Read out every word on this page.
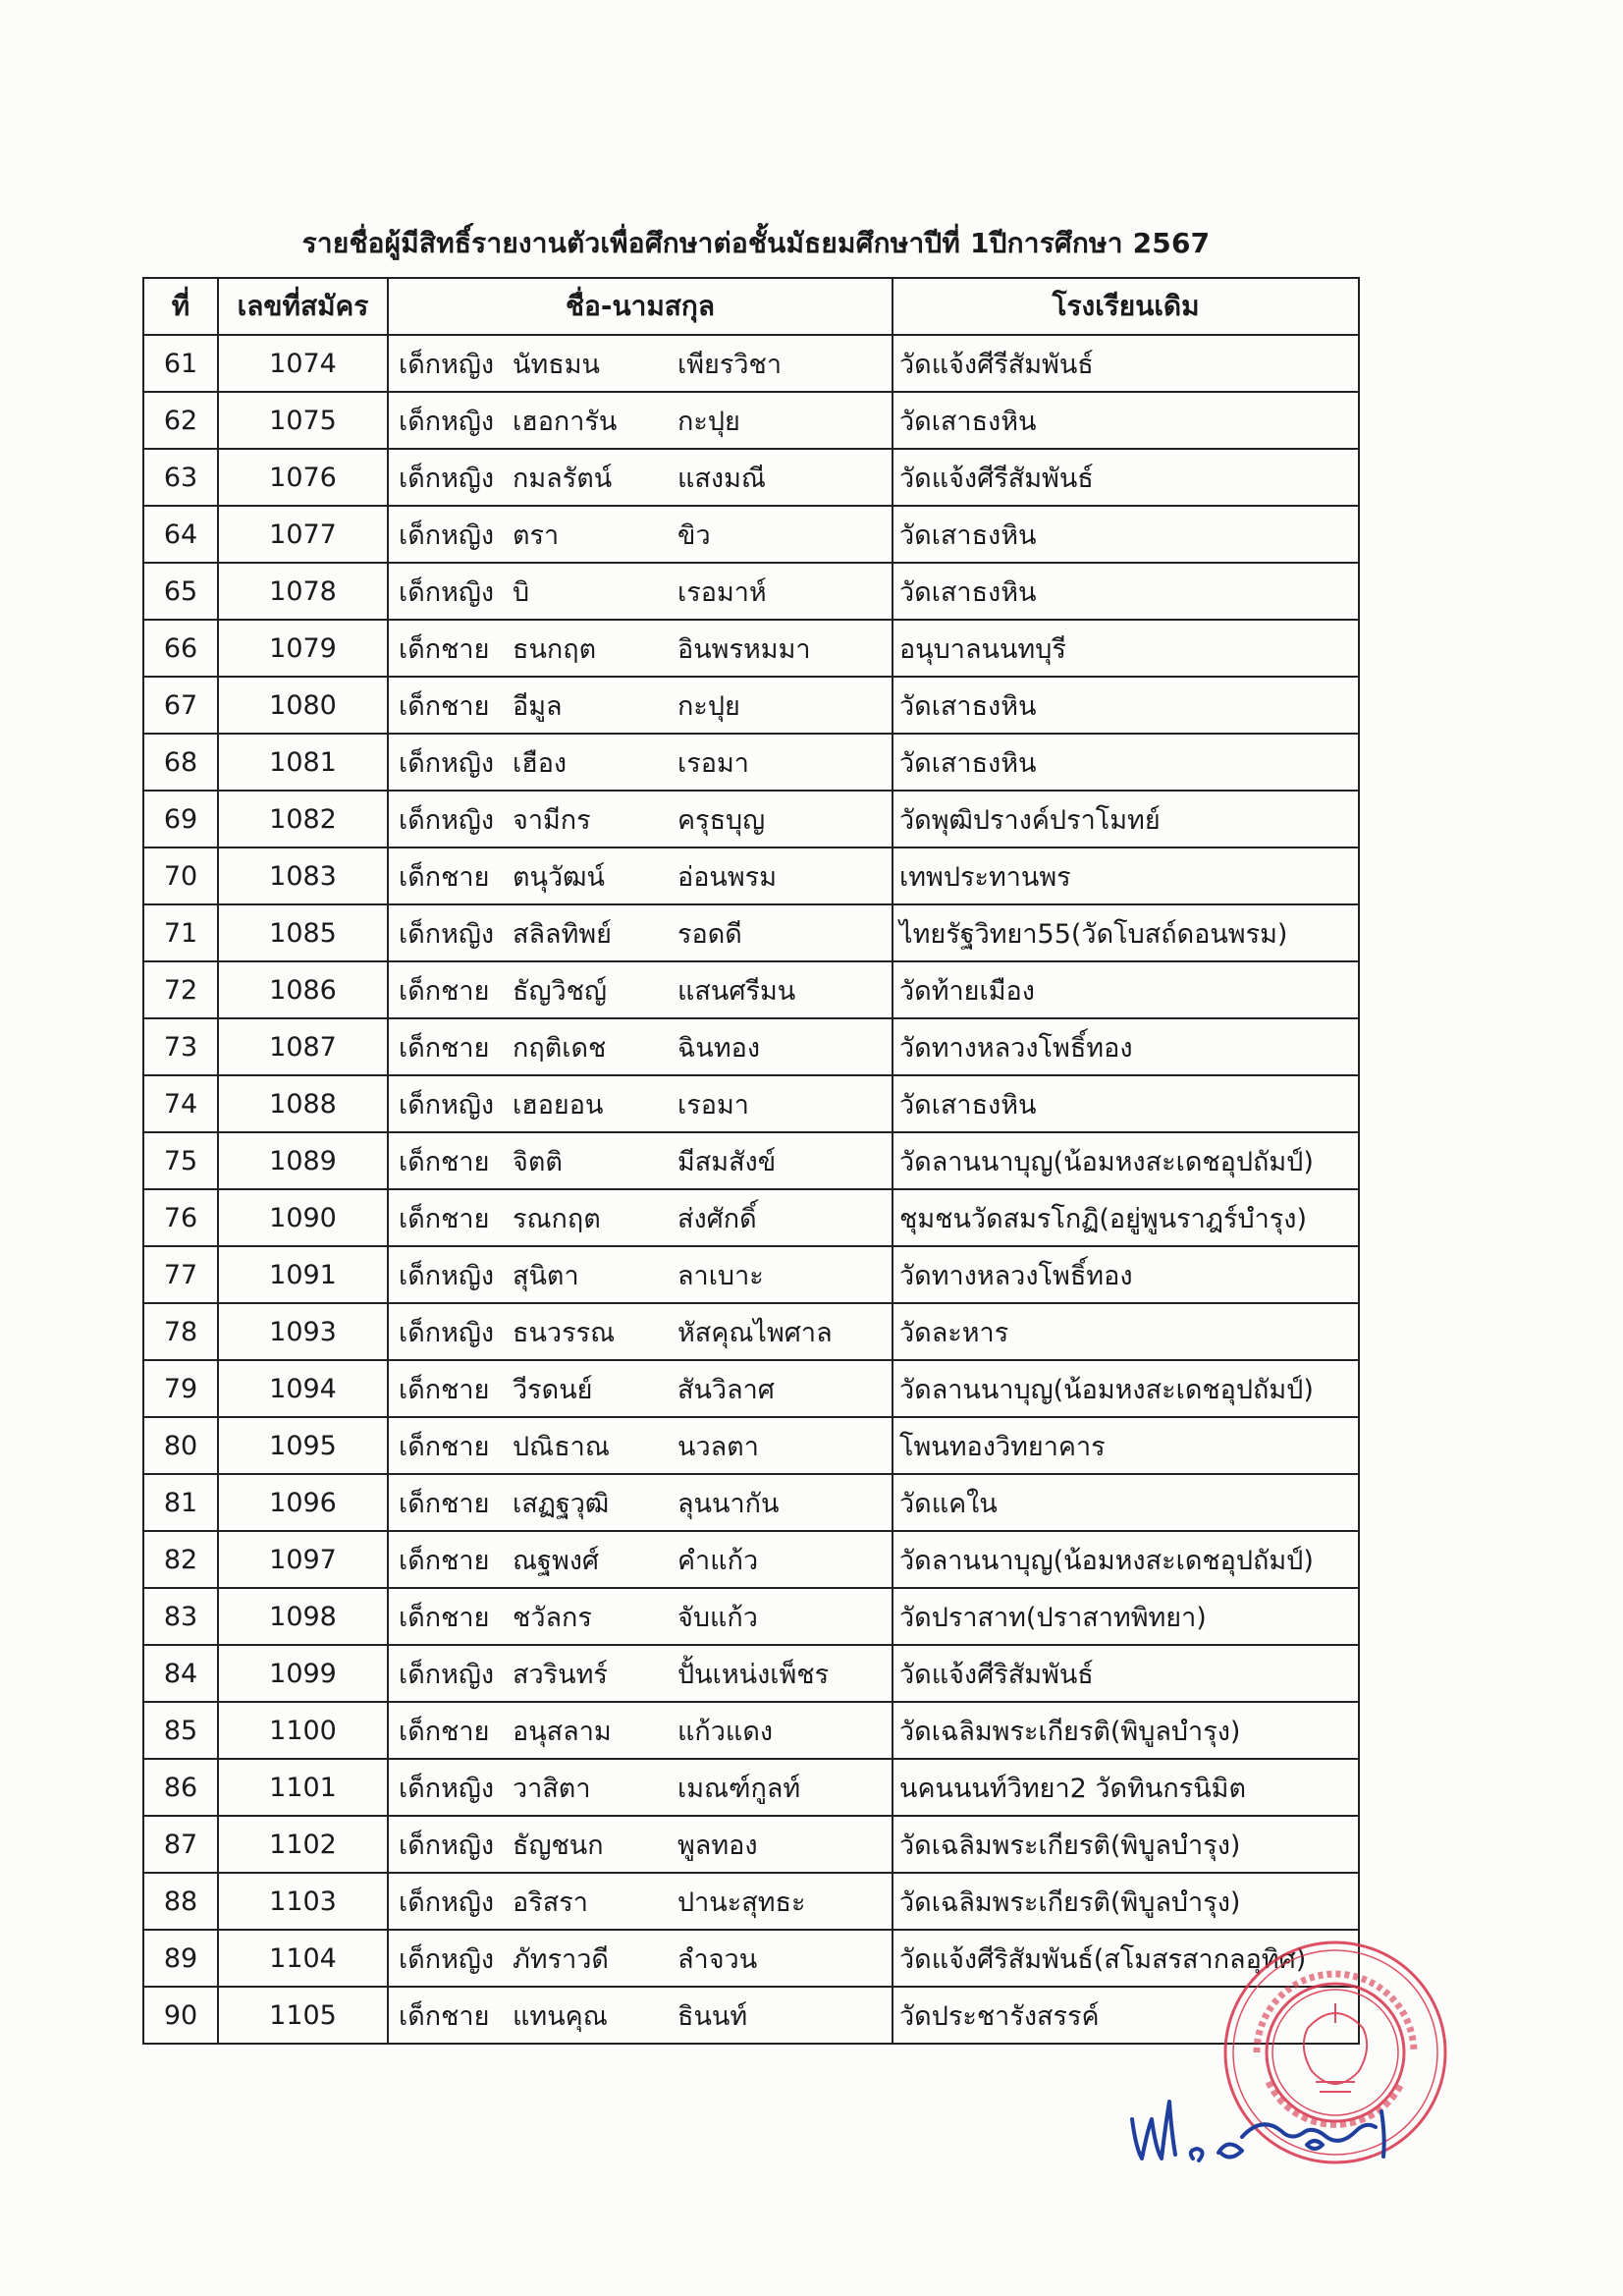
รายชื่อผู้มีสิทธิ์รายงานตัวเพื่อศึกษาต่อชั้นมัธยมศึกษาปีที่ 1ปีการศึกษา 2567
ที่	เลขที่สมัคร	ชื่อ-นามสกุล	โรงเรียนเดิม
61	1074	เด็กหญิง นัทธมน เพียรวิชา	วัดแจ้งศีรีสัมพันธ์
62	1075	เด็กหญิง เฮอการัน กะปุย	วัดเสาธงหิน
63	1076	เด็กหญิง กมลรัตน์ แสงมณี	วัดแจ้งศีรีสัมพันธ์
64	1077	เด็กหญิง ตรา ขิว	วัดเสาธงหิน
65	1078	เด็กหญิง บิ เรอมาห์	วัดเสาธงหิน
66	1079	เด็กชาย ธนกฤต อินพรหมมา	อนุบาลนนทบุรี
67	1080	เด็กชาย อีมูล กะปุย	วัดเสาธงหิน
68	1081	เด็กหญิง เฮือง เรอมา	วัดเสาธงหิน
69	1082	เด็กหญิง จามีกร ครุธบุญ	วัดพุฒิปรางค์ปราโมทย์
70	1083	เด็กชาย ตนุวัฒน์ อ่อนพรม	เทพประทานพร
71	1085	เด็กหญิง สลิลทิพย์ รอดดี	ไทยรัฐวิทยา55(วัดโบสถ์ดอนพรม)
72	1086	เด็กชาย ธัญวิชญ์ แสนศรีมน	วัดท้ายเมือง
73	1087	เด็กชาย กฤติเดช ฉินทอง	วัดทางหลวงโพธิ์ทอง
74	1088	เด็กหญิง เฮอยอน เรอมา	วัดเสาธงหิน
75	1089	เด็กชาย จิตติ มีสมสังข์	วัดลานนาบุญ(น้อมหงสะเดชอุปถัมป์)
76	1090	เด็กชาย รณกฤต ส่งศักดิ์	ชุมชนวัดสมรโกฏิ(อยู่พูนราฎร์บำรุง)
77	1091	เด็กหญิง สุนิตา ลาเบาะ	วัดทางหลวงโพธิ์ทอง
78	1093	เด็กหญิง ธนวรรณ หัสคุณไพศาล	วัดละหาร
79	1094	เด็กชาย วีรดนย์ สันวิลาศ	วัดลานนาบุญ(น้อมหงสะเดชอุปถัมป์)
80	1095	เด็กชาย ปณิธาณ นวลตา	โพนทองวิทยาคาร
81	1096	เด็กชาย เสฏฐวุฒิ ลุนนากัน	วัดแคใน
82	1097	เด็กชาย ณฐพงศ์ คำแก้ว	วัดลานนาบุญ(น้อมหงสะเดชอุปถัมป์)
83	1098	เด็กชาย ชวัลกร จับแก้ว	วัดปราสาท(ปราสาทพิทยา)
84	1099	เด็กหญิง สวรินทร์ ปั้นเหน่งเพ็ชร	วัดแจ้งศีริสัมพันธ์
85	1100	เด็กชาย อนุสลาม แก้วแดง	วัดเฉลิมพระเกียรติ(พิบูลบำรุง)
86	1101	เด็กหญิง วาสิตา เมณฑ์กูลท์	นคนนนท์วิทยา2 วัดทินกรนิมิต
87	1102	เด็กหญิง ธัญชนก พูลทอง	วัดเฉลิมพระเกียรติ(พิบูลบำรุง)
88	1103	เด็กหญิง อริสรา ปานะสุทธะ	วัดเฉลิมพระเกียรติ(พิบูลบำรุง)
89	1104	เด็กหญิง ภัทราวดี ลำจวน	วัดแจ้งศีริสัมพันธ์(สโมสรสากลอุทิศ)
90	1105	เด็กชาย แทนคุณ ธินนท์	วัดประชารังสรรค์
